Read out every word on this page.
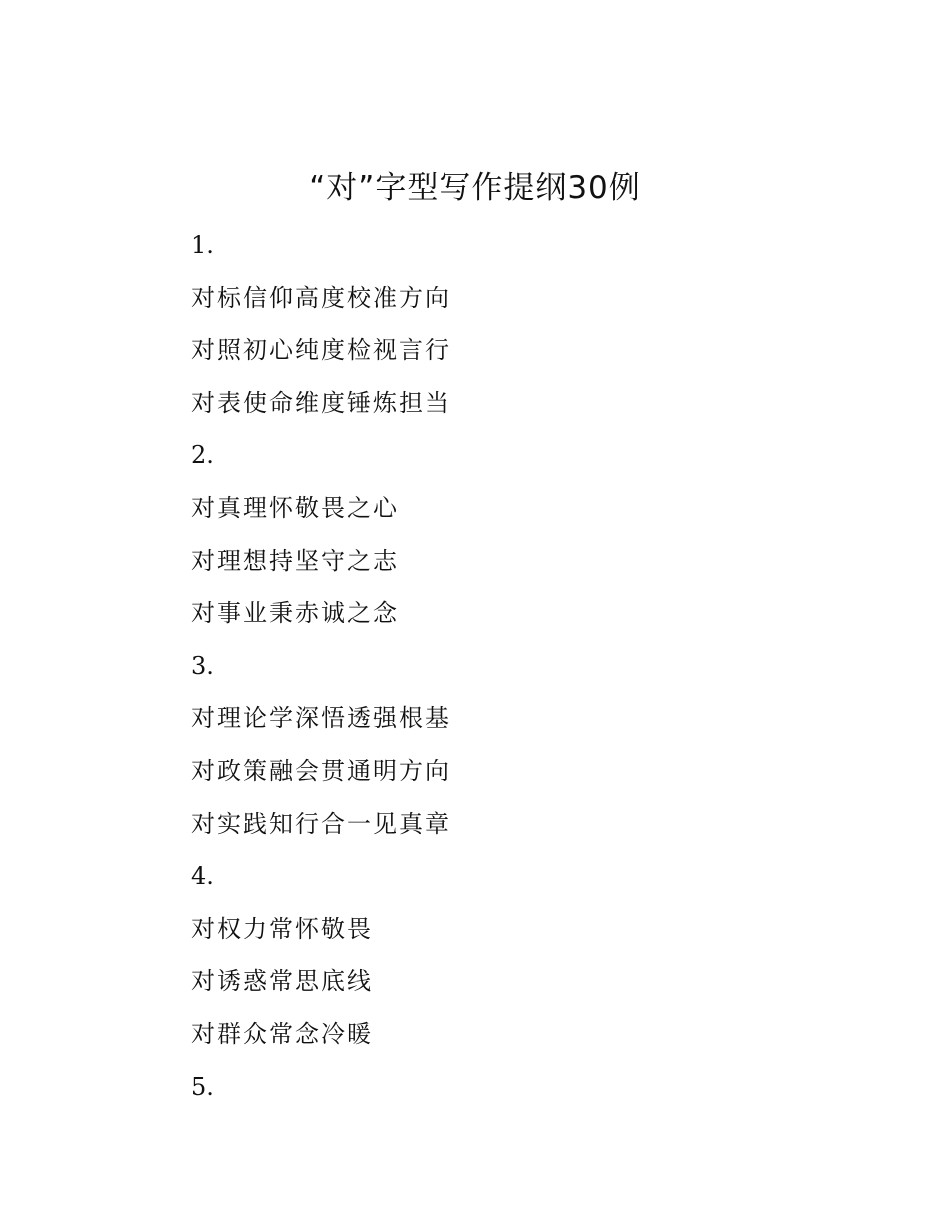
“对”字型写作提纲30例
1.
对标信仰高度校准方向
对照初心纯度检视言行
对表使命维度锤炼担当
2.
对真理怀敬畏之心
对理想持坚守之志
对事业秉赤诚之念
3.
对理论学深悟透强根基
对政策融会贯通明方向
对实践知行合一见真章
4.
对权力常怀敬畏
对诱惑常思底线
对群众常念冷暖
5.
